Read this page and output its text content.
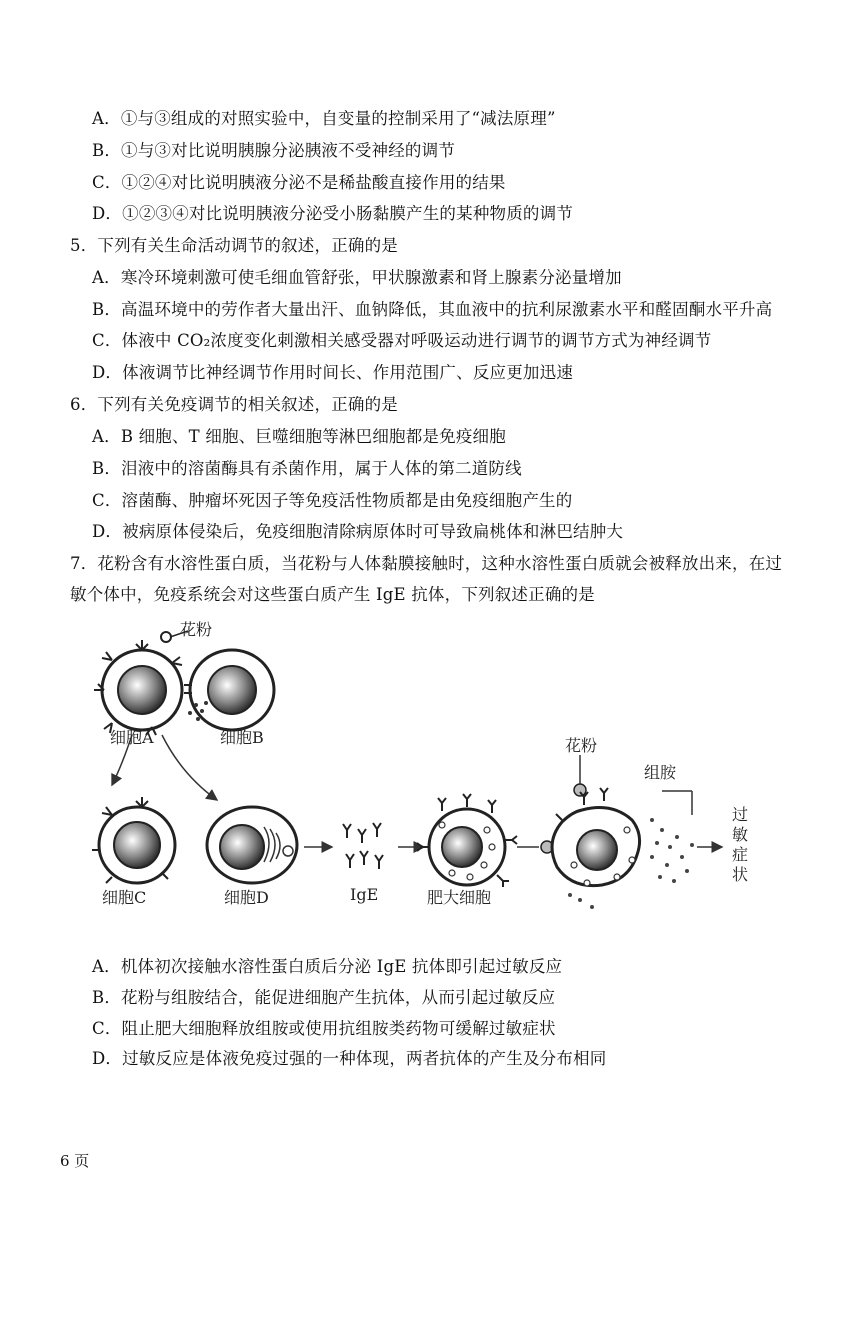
A．①与③组成的对照实验中，自变量的控制采用了“减法原理”
B．①与③对比说明胰腺分泌胰液不受神经的调节
C．①②④对比说明胰液分泌不是稀盐酸直接作用的结果
D．①②③④对比说明胰液分泌受小肠黏膜产生的某种物质的调节
5．下列有关生命活动调节的叙述，正确的是
A．寒冷环境刺激可使毛细血管舒张，甲状腺激素和肾上腺素分泌量增加
B．高温环境中的劳作者大量出汗、血钠降低，其血液中的抗利尿激素水平和醛固酮水平升高
C．体液中 CO₂浓度变化刺激相关感受器对呼吸运动进行调节的调节方式为神经调节
D．体液调节比神经调节作用时间长、作用范围广、反应更加迅速
6．下列有关免疫调节的相关叙述，正确的是
A．B 细胞、T 细胞、巨噬细胞等淋巴细胞都是免疫细胞
B．泪液中的溶菌酶具有杀菌作用，属于人体的第二道防线
C．溶菌酶、肿瘤坏死因子等免疫活性物质都是由免疫细胞产生的
D．被病原体侵染后，免疫细胞清除病原体时可导致扁桃体和淋巴结肿大
7．花粉含有水溶性蛋白质，当花粉与人体黏膜接触时，这种水溶性蛋白质就会被释放出来，在过
敏个体中，免疫系统会对这些蛋白质产生 IgE 抗体，下列叙述正确的是
花粉
细胞A	细胞B
细胞C	细胞D	IgE	肥大细胞
花粉
组胺
过敏症状
A．机体初次接触水溶性蛋白质后分泌 IgE 抗体即引起过敏反应
B．花粉与组胺结合，能促进细胞产生抗体，从而引起过敏反应
C．阻止肥大细胞释放组胺或使用抗组胺类药物可缓解过敏症状
D．过敏反应是体液免疫过强的一种体现，两者抗体的产生及分布相同
6 页
